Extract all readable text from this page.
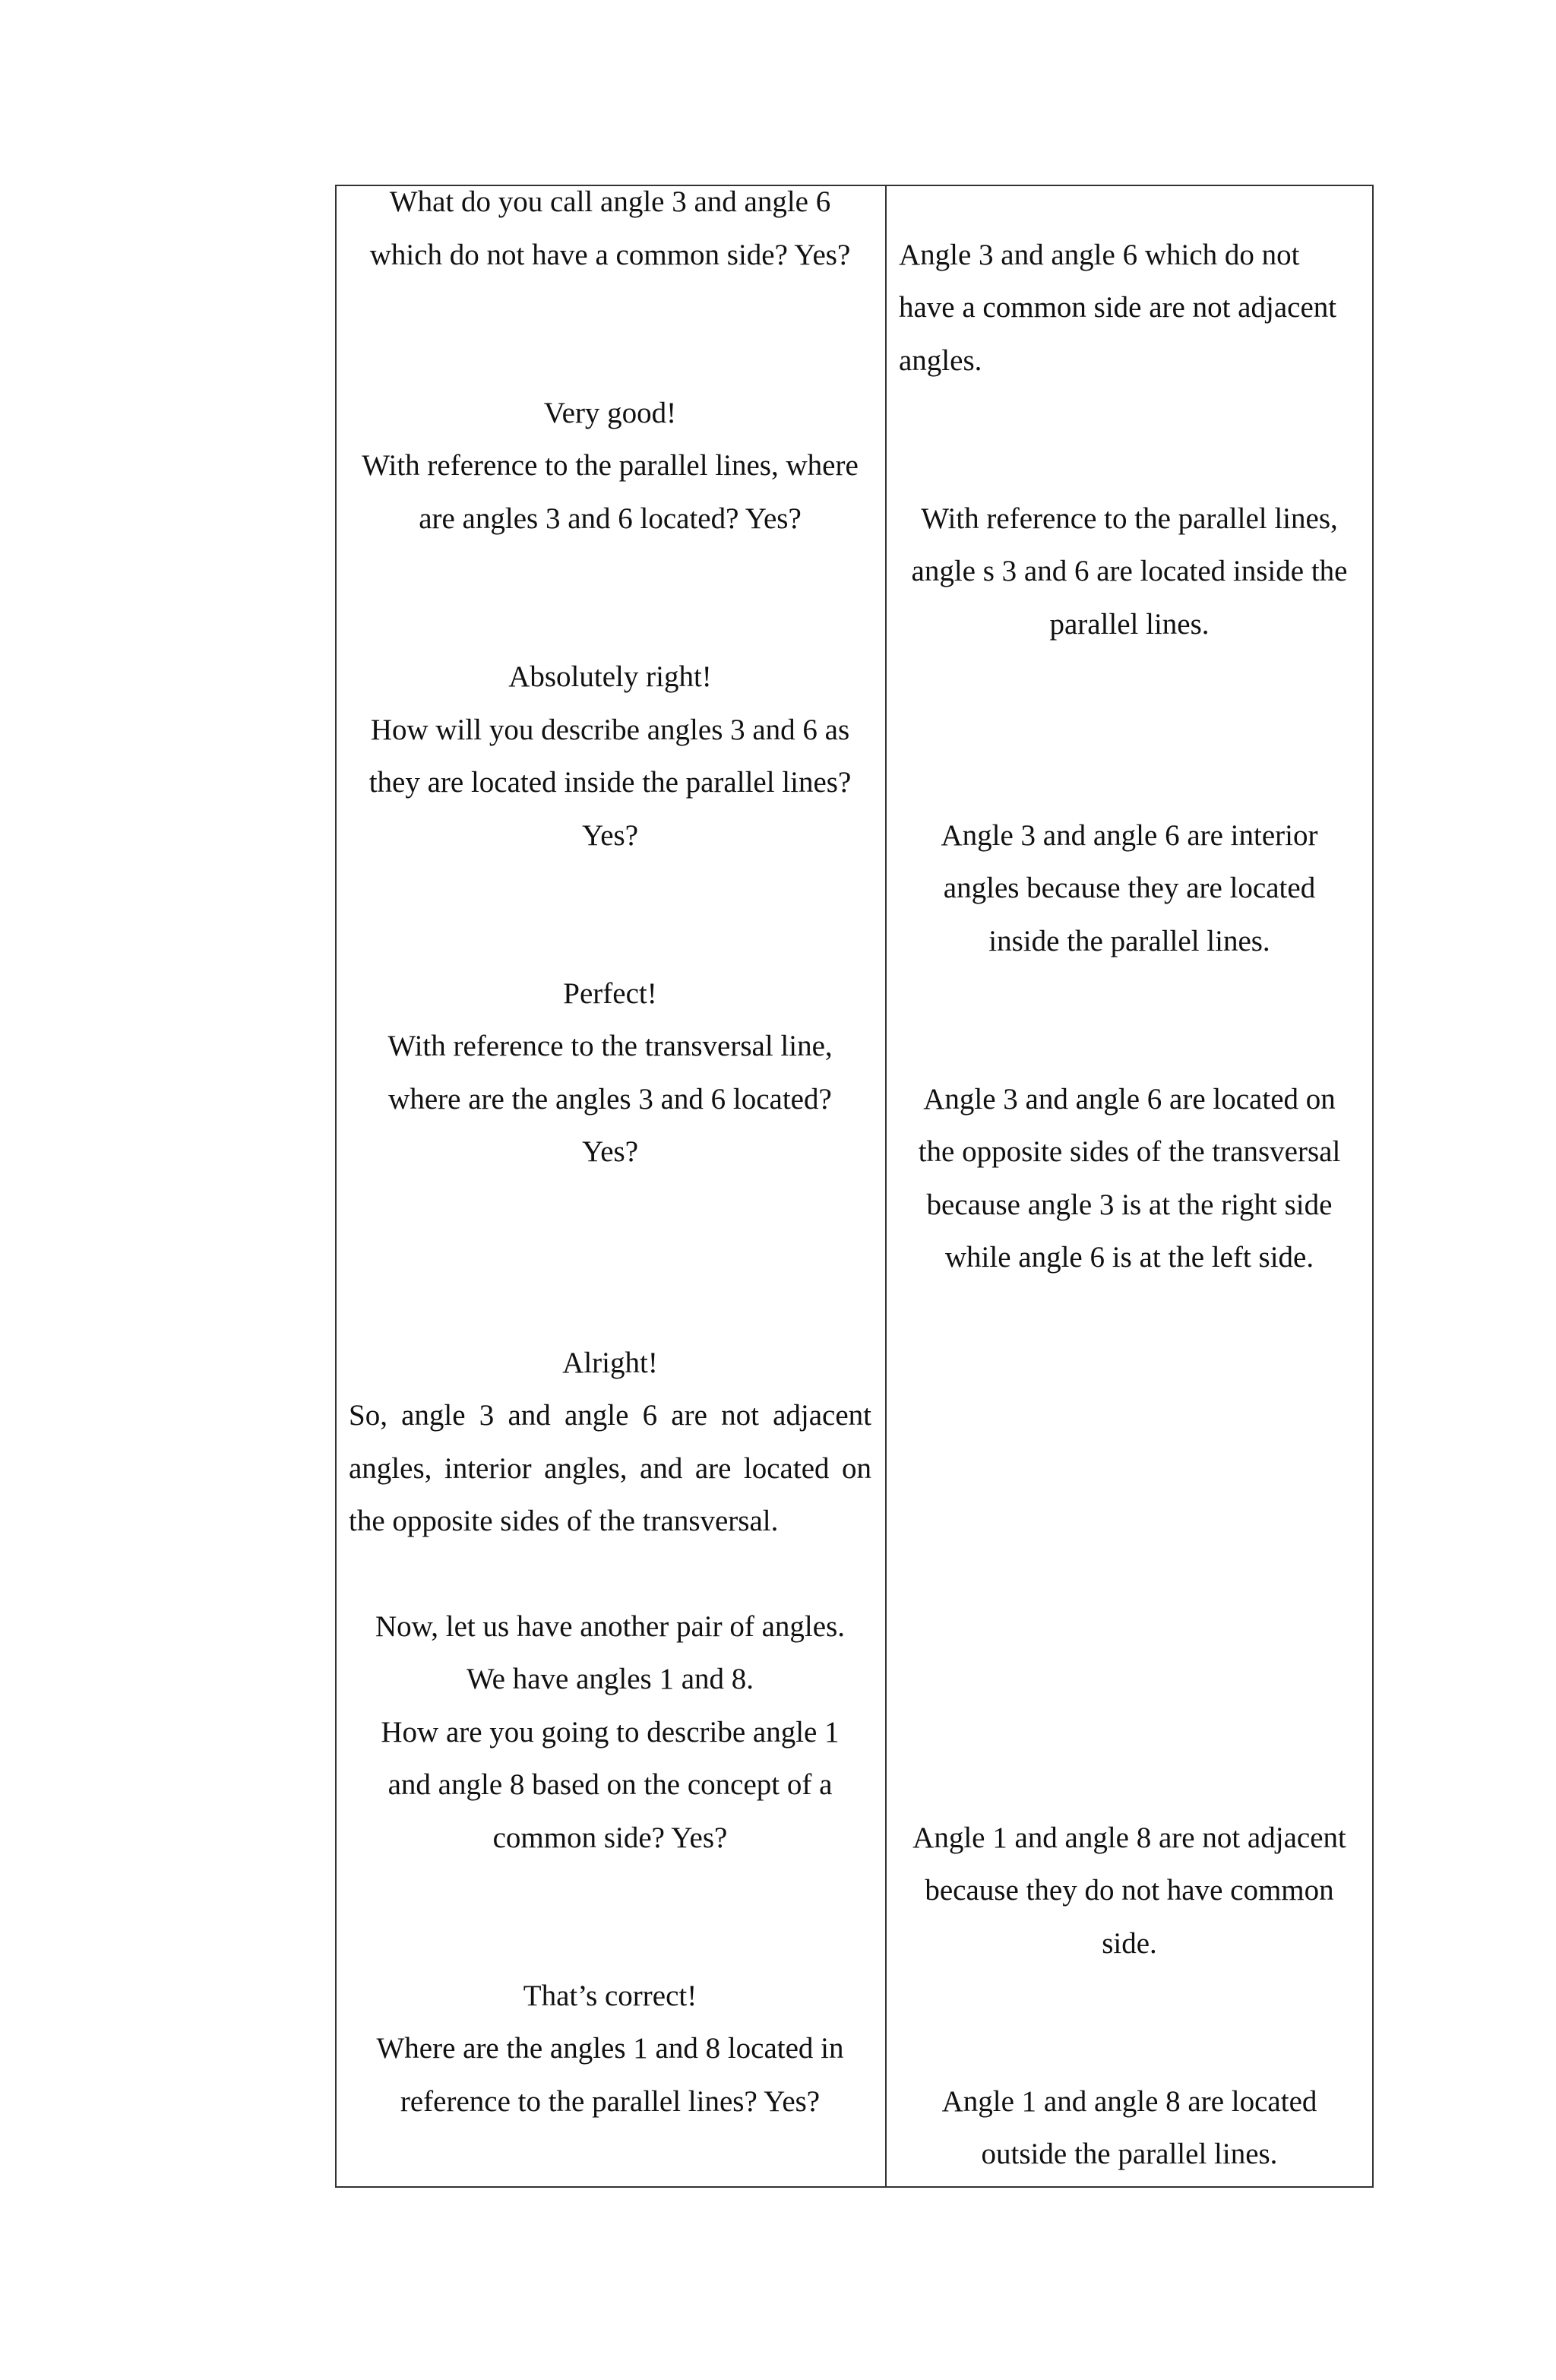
What do you call angle 3 and angle 6
which do not have a common side? Yes?
Very good!
With reference to the parallel lines, where
are angles 3 and 6 located? Yes?
Absolutely right!
How will you describe angles 3 and 6 as
they are located inside the parallel lines?
Yes?
Perfect!
With reference to the transversal line,
where are the angles 3 and 6 located?
Yes?
Alright!
So, angle 3 and angle 6 are not adjacent
angles, interior angles, and are located on
the opposite sides of the transversal.
Now, let us have another pair of angles.
We have angles 1 and 8.
How are you going to describe angle 1
and angle 8 based on the concept of a
common side? Yes?
That’s correct!
Where are the angles 1 and 8 located in
reference to the parallel lines? Yes?
Angle 3 and angle 6 which do not
have a common side are not adjacent
angles.
With reference to the parallel lines,
angle s 3 and 6 are located inside the
parallel lines.
Angle 3 and angle 6 are interior
angles because they are located
inside the parallel lines.
Angle 3 and angle 6 are located on
the opposite sides of the transversal
because angle 3 is at the right side
while angle 6 is at the left side.
Angle 1 and angle 8 are not adjacent
because they do not have common
side.
Angle 1 and angle 8 are located
outside the parallel lines.
